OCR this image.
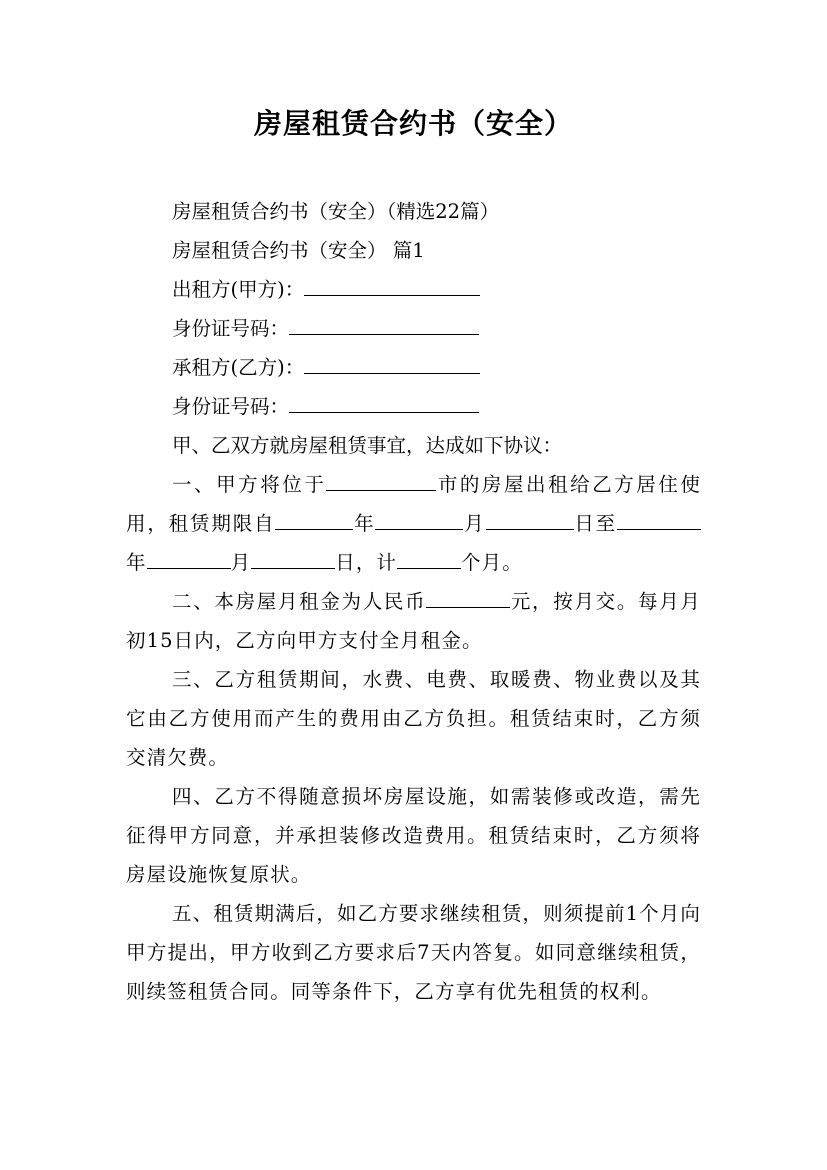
房屋租赁合约书（安全）
房屋租赁合约书（安全）（精选22篇）
房屋租赁合约书（安全） 篇1
出租方(甲方)：
身份证号码：
承租方(乙方)：
身份证号码：
甲、乙双方就房屋租赁事宜，达成如下协议：
一、甲方将位于	市的房屋出租给乙方居住使用，租赁期限自	年	月	日至年	月	日，计	个月。
二、本房屋月租金为人民币	元，按月交。每月月初15日内，乙方向甲方支付全月租金。
三、乙方租赁期间，水费、电费、取暖费、物业费以及其它由乙方使用而产生的费用由乙方负担。租赁结束时，乙方须交清欠费。
四、乙方不得随意损坏房屋设施，如需装修或改造，需先征得甲方同意，并承担装修改造费用。租赁结束时，乙方须将房屋设施恢复原状。
五、租赁期满后，如乙方要求继续租赁，则须提前1个月向甲方提出，甲方收到乙方要求后7天内答复。如同意继续租赁，则续签租赁合同。同等条件下，乙方享有优先租赁的权利。
